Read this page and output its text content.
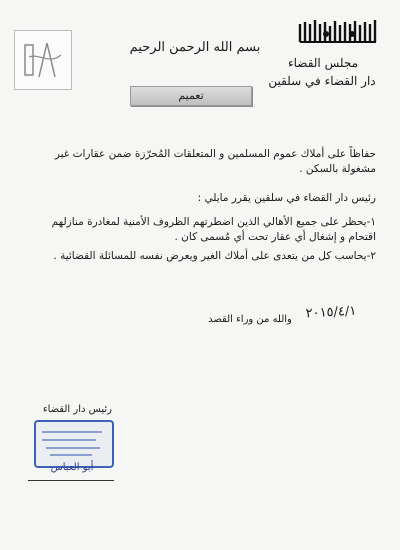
مجلس القضاء
دار القضاء في سلقين
بسم الله الرحمن الرحيم
تعميم
حفاظاً على أملاك عموم المسلمين و المتعلقات المُحرّزة ضمن عقارات غير مشغولة بالسكن .
رئيس دار القضاء في سلقين يقرر مايلي :
١-يحظر على جميع الأهالي الذين اضطرتهم الظروف الأمنية لمغادرة منازلهم اقتحام و إشغال أي عقار تحت أي مُسمى كان .
٢-يحاسب كل من يتعدى على أملاك الغير ويعرض نفسه للمسائلة القضائية .
والله من وراء القصد	٢٠١٥/٤/١
رئيس دار القضاء
أبو العباس
